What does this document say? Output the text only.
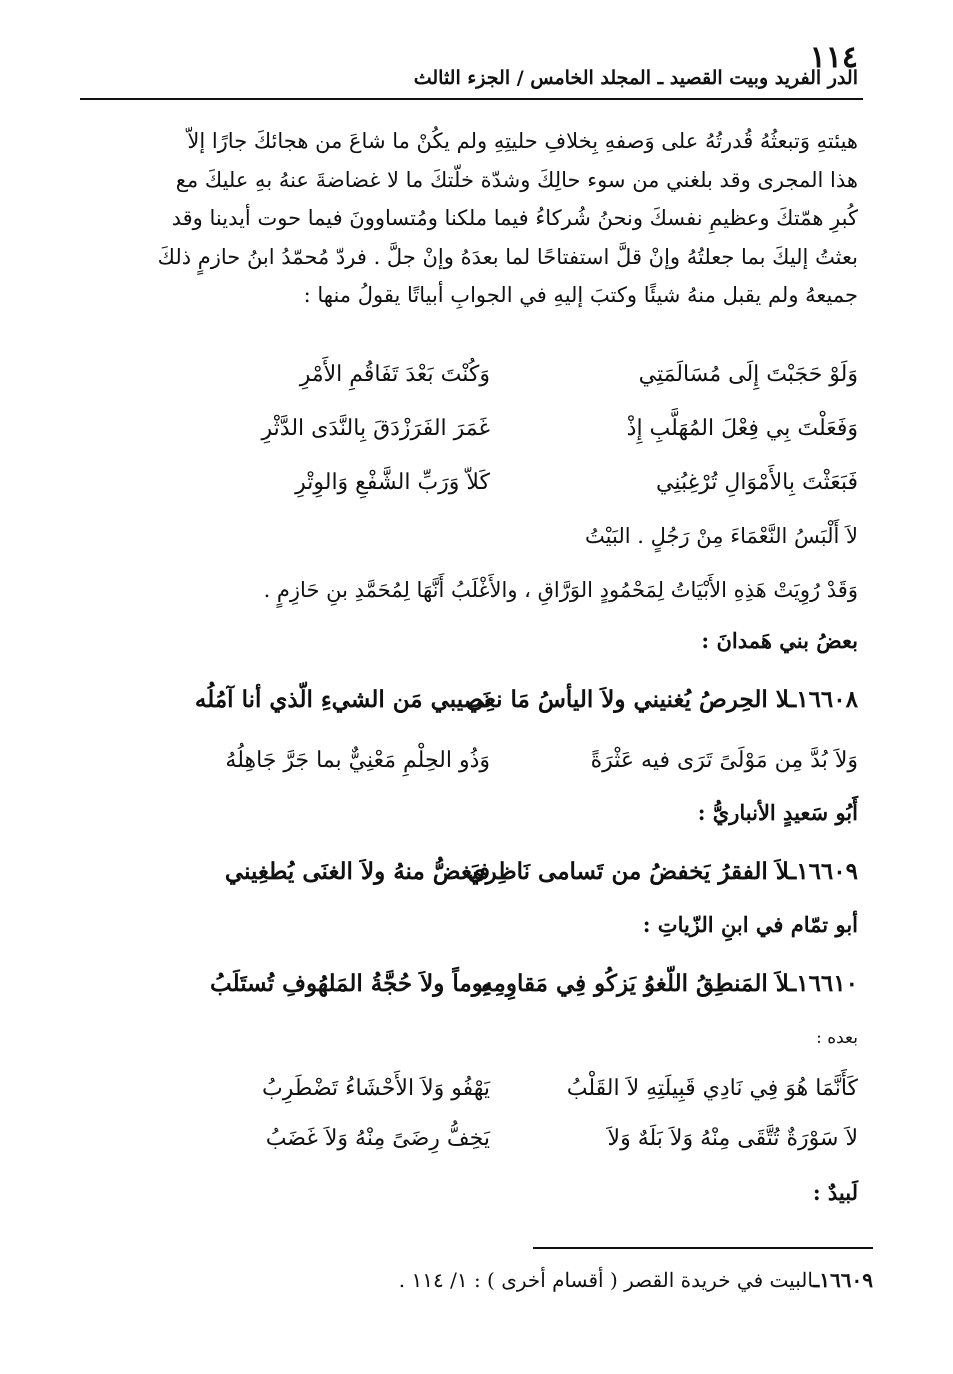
١١٤
الدر الفريد وبيت القصيد ـ المجلد الخامس / الجزء الثالث

هيئتهِ وَتبعثُهُ قُدرتُهُ على وَصفهِ بِخلافِ حليتِهِ ولم يكُنْ ما شاعَ من هجائكَ جارًا إلاّ

هذا المجرى وقد بلغني من سوء حالِكَ وشدّة خلّتكَ ما لا غضاضةَ عنهُ بهِ عليكَ مع

كُبرِ همّتكَ وعظيمِ نفسكَ ونحنُ شُركاءُ فيما ملكنا ومُتساوونَ فيما حوت أيدينا وقد

بعثتُ إليكَ بما جعلتُهُ وإنْ قلَّ استفتاحًا لما بعدَهُ وإنْ جلَّ . فردّ مُحمّدُ ابنُ حازمٍ ذلكَ

جميعهُ ولم يقبل منهُ شيئًا وكتبَ إليهِ في الجوابِ أبياتًا يقولُ منها :

وَلَوْ حَجَبْتَ إِلَى مُسَالَمَتِي
وَكُنْتَ بَعْدَ تَفَاقُمِ الأَمْرِ
وَفَعَلْتَ بِي فِعْلَ المُهَلَّبِ إِذْ
غَمَرَ الفَرَزْدَقَ بِالنَّدَى الدَّثْرِ
فَبَعَثْتَ بِالأَمْوَالِ تُرْغِبُنِي
كَلاّ وَرَبِّ الشَّفْعِ وَالوِتْرِ
لاَ أَلْبَسُ النَّعْمَاءَ مِنْ رَجُلٍ . البَيْتُ
وَقَدْ رُوِيَتْ هَذِهِ الأَبْيَاتُ لِمَحْمُودٍ الوَرَّاقِ ، والأَغْلَبُ أَنَّهَا لِمُحَمَّدِ بنِ حَازِمٍ .
بعضُ بني هَمدانَ :
١٦٦٠٨ـلا الحِرصُ يُغنيني ولاَ اليأسُ مَا نعِي
نَصيبي مَن الشيءِ الّذي أنا آمُلُه
وَلاَ بُدَّ مِن مَوْلَىً تَرَى فيه عَثْرَةً
وَذُو الحِلْمِ مَعْنِيٌّ بما جَرَّ جَاهِلُهُ
أَبُو سَعيدٍ الأنباريُّ :
١٦٦٠٩ـلاَ الفقرُ يَخفضُ من تَسامى نَاظِري
فيَغضُّ منهُ ولاَ الغنَى يُطغِيني
أبو تمّام في ابنِ الزّياتِ :
١٦٦١٠ـلاَ المَنطِقُ اللّغوُ يَزكُو فِي مَقاوِمِهِ
يوماً ولاَ حُجَّةُ المَلهُوفِ تُستَلَبُ
بعده :
كَأَنَّمَا هُوَ فِي نَادِي قَبِيلَتِهِ لاَ القَلْبُ
يَهْفُو وَلاَ الأَحْشَاءُ تَضْطَرِبُ
لاَ سَوْرَةٌ تُتَّقَى مِنْهُ وَلاَ بَلَهٌ وَلاَ
يَخِفُّ رِضَىً مِنْهُ وَلاَ غَضَبُ
لَبيدٌ :
١٦٦٠٩ـالبيت في خريدة القصر ( أقسام أخرى ) : ١/ ١١٤ .
